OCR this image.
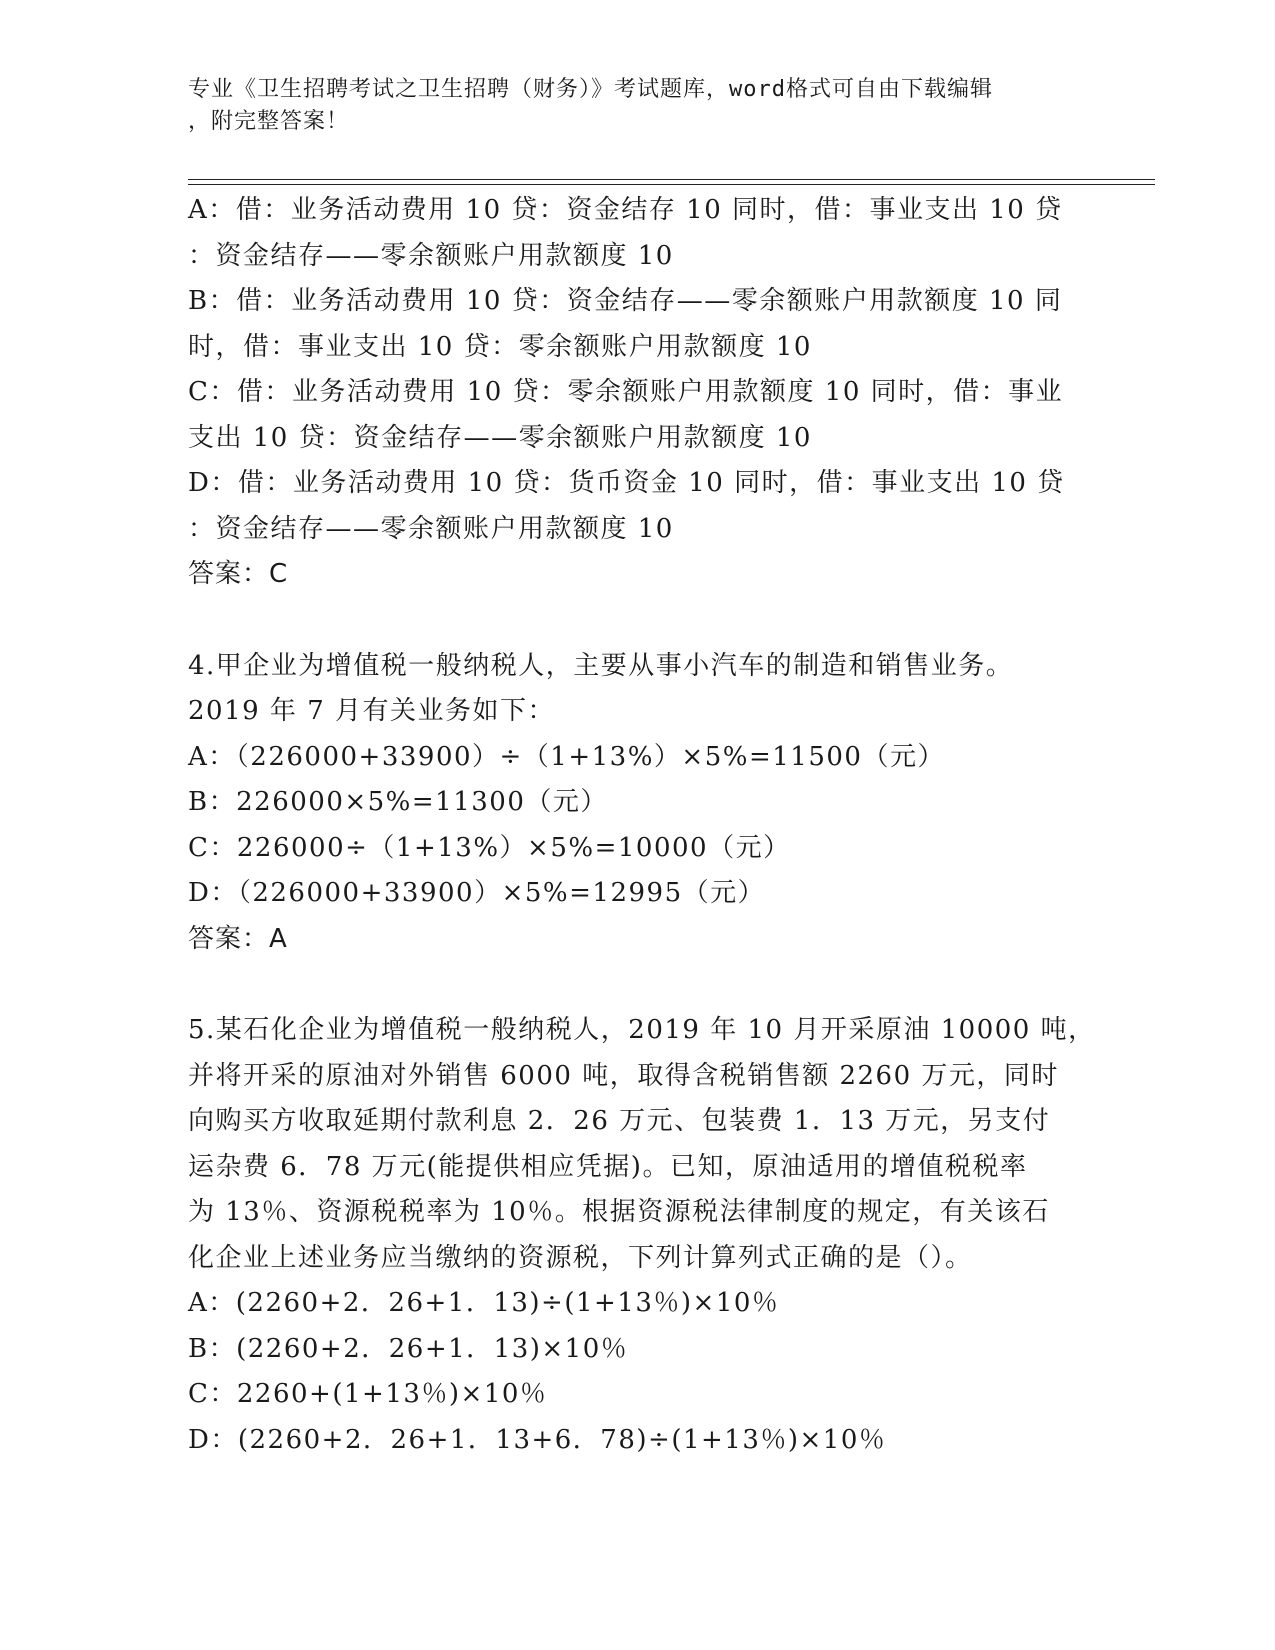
专业《卫生招聘考试之卫生招聘（财务）》考试题库，word格式可自由下载编辑
，附完整答案！
A：借：业务活动费用 10 贷：资金结存 10 同时，借：事业支出 10 贷
：资金结存——零余额账户用款额度 10
B：借：业务活动费用 10 贷：资金结存——零余额账户用款额度 10 同
时，借：事业支出 10 贷：零余额账户用款额度 10
C：借：业务活动费用 10 贷：零余额账户用款额度 10 同时，借：事业
支出 10 贷：资金结存——零余额账户用款额度 10
D：借：业务活动费用 10 贷：货币资金 10 同时，借：事业支出 10 贷
：资金结存——零余额账户用款额度 10
答案：C
4.甲企业为增值税一般纳税人，主要从事小汽车的制造和销售业务。
2019 年 7 月有关业务如下：
A：（226000+33900）÷（1+13%）×5%=11500（元）
B：226000×5%=11300（元）
C：226000÷（1+13%）×5%=10000（元）
D：（226000+33900）×5%=12995（元）
答案：A
5.某石化企业为增值税一般纳税人，2019 年 10 月开采原油 10000 吨，
并将开采的原油对外销售 6000 吨，取得含税销售额 2260 万元，同时
向购买方收取延期付款利息 2．26 万元、包装费 1．13 万元，另支付
运杂费 6．78 万元(能提供相应凭据)。已知，原油适用的增值税税率
为 13％、资源税税率为 10％。根据资源税法律制度的规定，有关该石
化企业上述业务应当缴纳的资源税，下列计算列式正确的是（）。
A：(2260+2．26+1．13)÷(1+13％)×10％
B：(2260+2．26+1．13)×10％
C：2260+(1+13％)×10％
D：(2260+2．26+1．13+6．78)÷(1+13％)×10％
